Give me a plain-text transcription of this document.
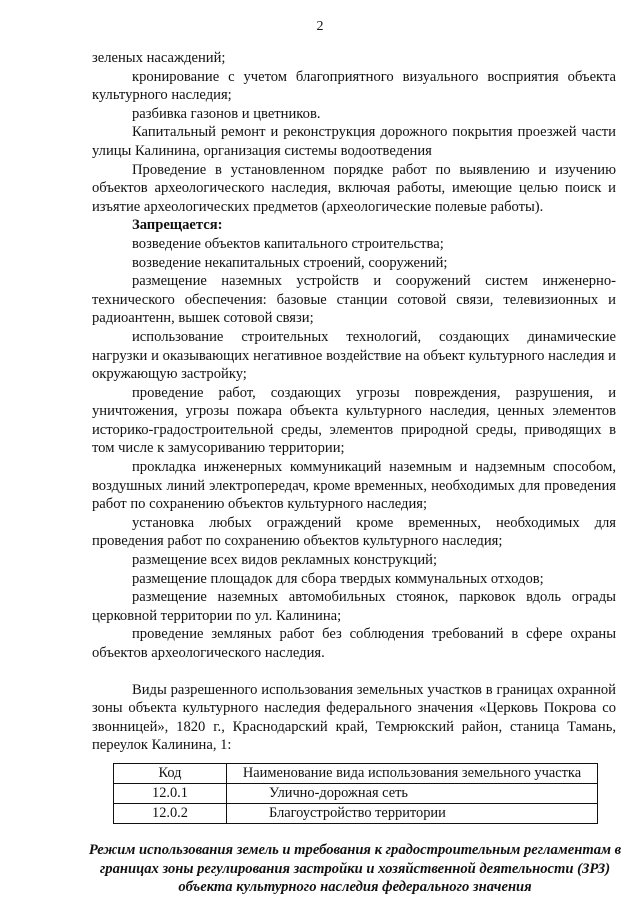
2

зеленых насаждений;

кронирование с учетом благоприятного визуального восприятия объекта культурного наследия;

разбивка газонов и цветников.

Капитальный ремонт и реконструкция дорожного покрытия проезжей части улицы Калинина, организация системы водоотведения

Проведение в установленном порядке работ по выявлению и изучению объектов археологического наследия, включая работы, имеющие целью поиск и изъятие археологических предметов (археологические полевые работы).

Запрещается:

возведение объектов капитального строительства;

возведение некапитальных строений, сооружений;

размещение наземных устройств и сооружений систем инженерно-технического обеспечения: базовые станции сотовой связи, телевизионных и радиоантенн, вышек сотовой связи;

использование строительных технологий, создающих динамические нагрузки и оказывающих негативное воздействие на объект культурного наследия и окружающую застройку;

проведение работ, создающих угрозы повреждения, разрушения, и уничтожения, угрозы пожара объекта культурного наследия, ценных элементов историко-градостроительной среды, элементов природной среды, приводящих в том числе к замусориванию территории;

прокладка инженерных коммуникаций наземным и надземным способом, воздушных линий электропередач, кроме временных, необходимых для проведения работ по сохранению объектов культурного наследия;

установка любых ограждений кроме временных, необходимых для проведения работ по сохранению объектов культурного наследия;

размещение всех видов рекламных конструкций;

размещение площадок для сбора твердых коммунальных отходов;

размещение наземных автомобильных стоянок, парковок вдоль ограды церковной территории по ул. Калинина;

проведение земляных работ без соблюдения требований в сфере охраны объектов археологического наследия.

Виды разрешенного использования земельных участков в границах охранной зоны объекта культурного наследия федерального значения «Церковь Покрова со звонницей», 1820 г., Краснодарский край, Темрюкский район, станица Тамань, переулок Калинина, 1:

Код	Наименование вида использования земельного участка
12.0.1	Улично-дорожная сеть
12.0.2	Благоустройство территории
Режим использования земель и требования к градостроительным регламентам в границах зоны регулирования застройки и хозяйственной деятельности (ЗРЗ) объекта культурного наследия федерального значения
